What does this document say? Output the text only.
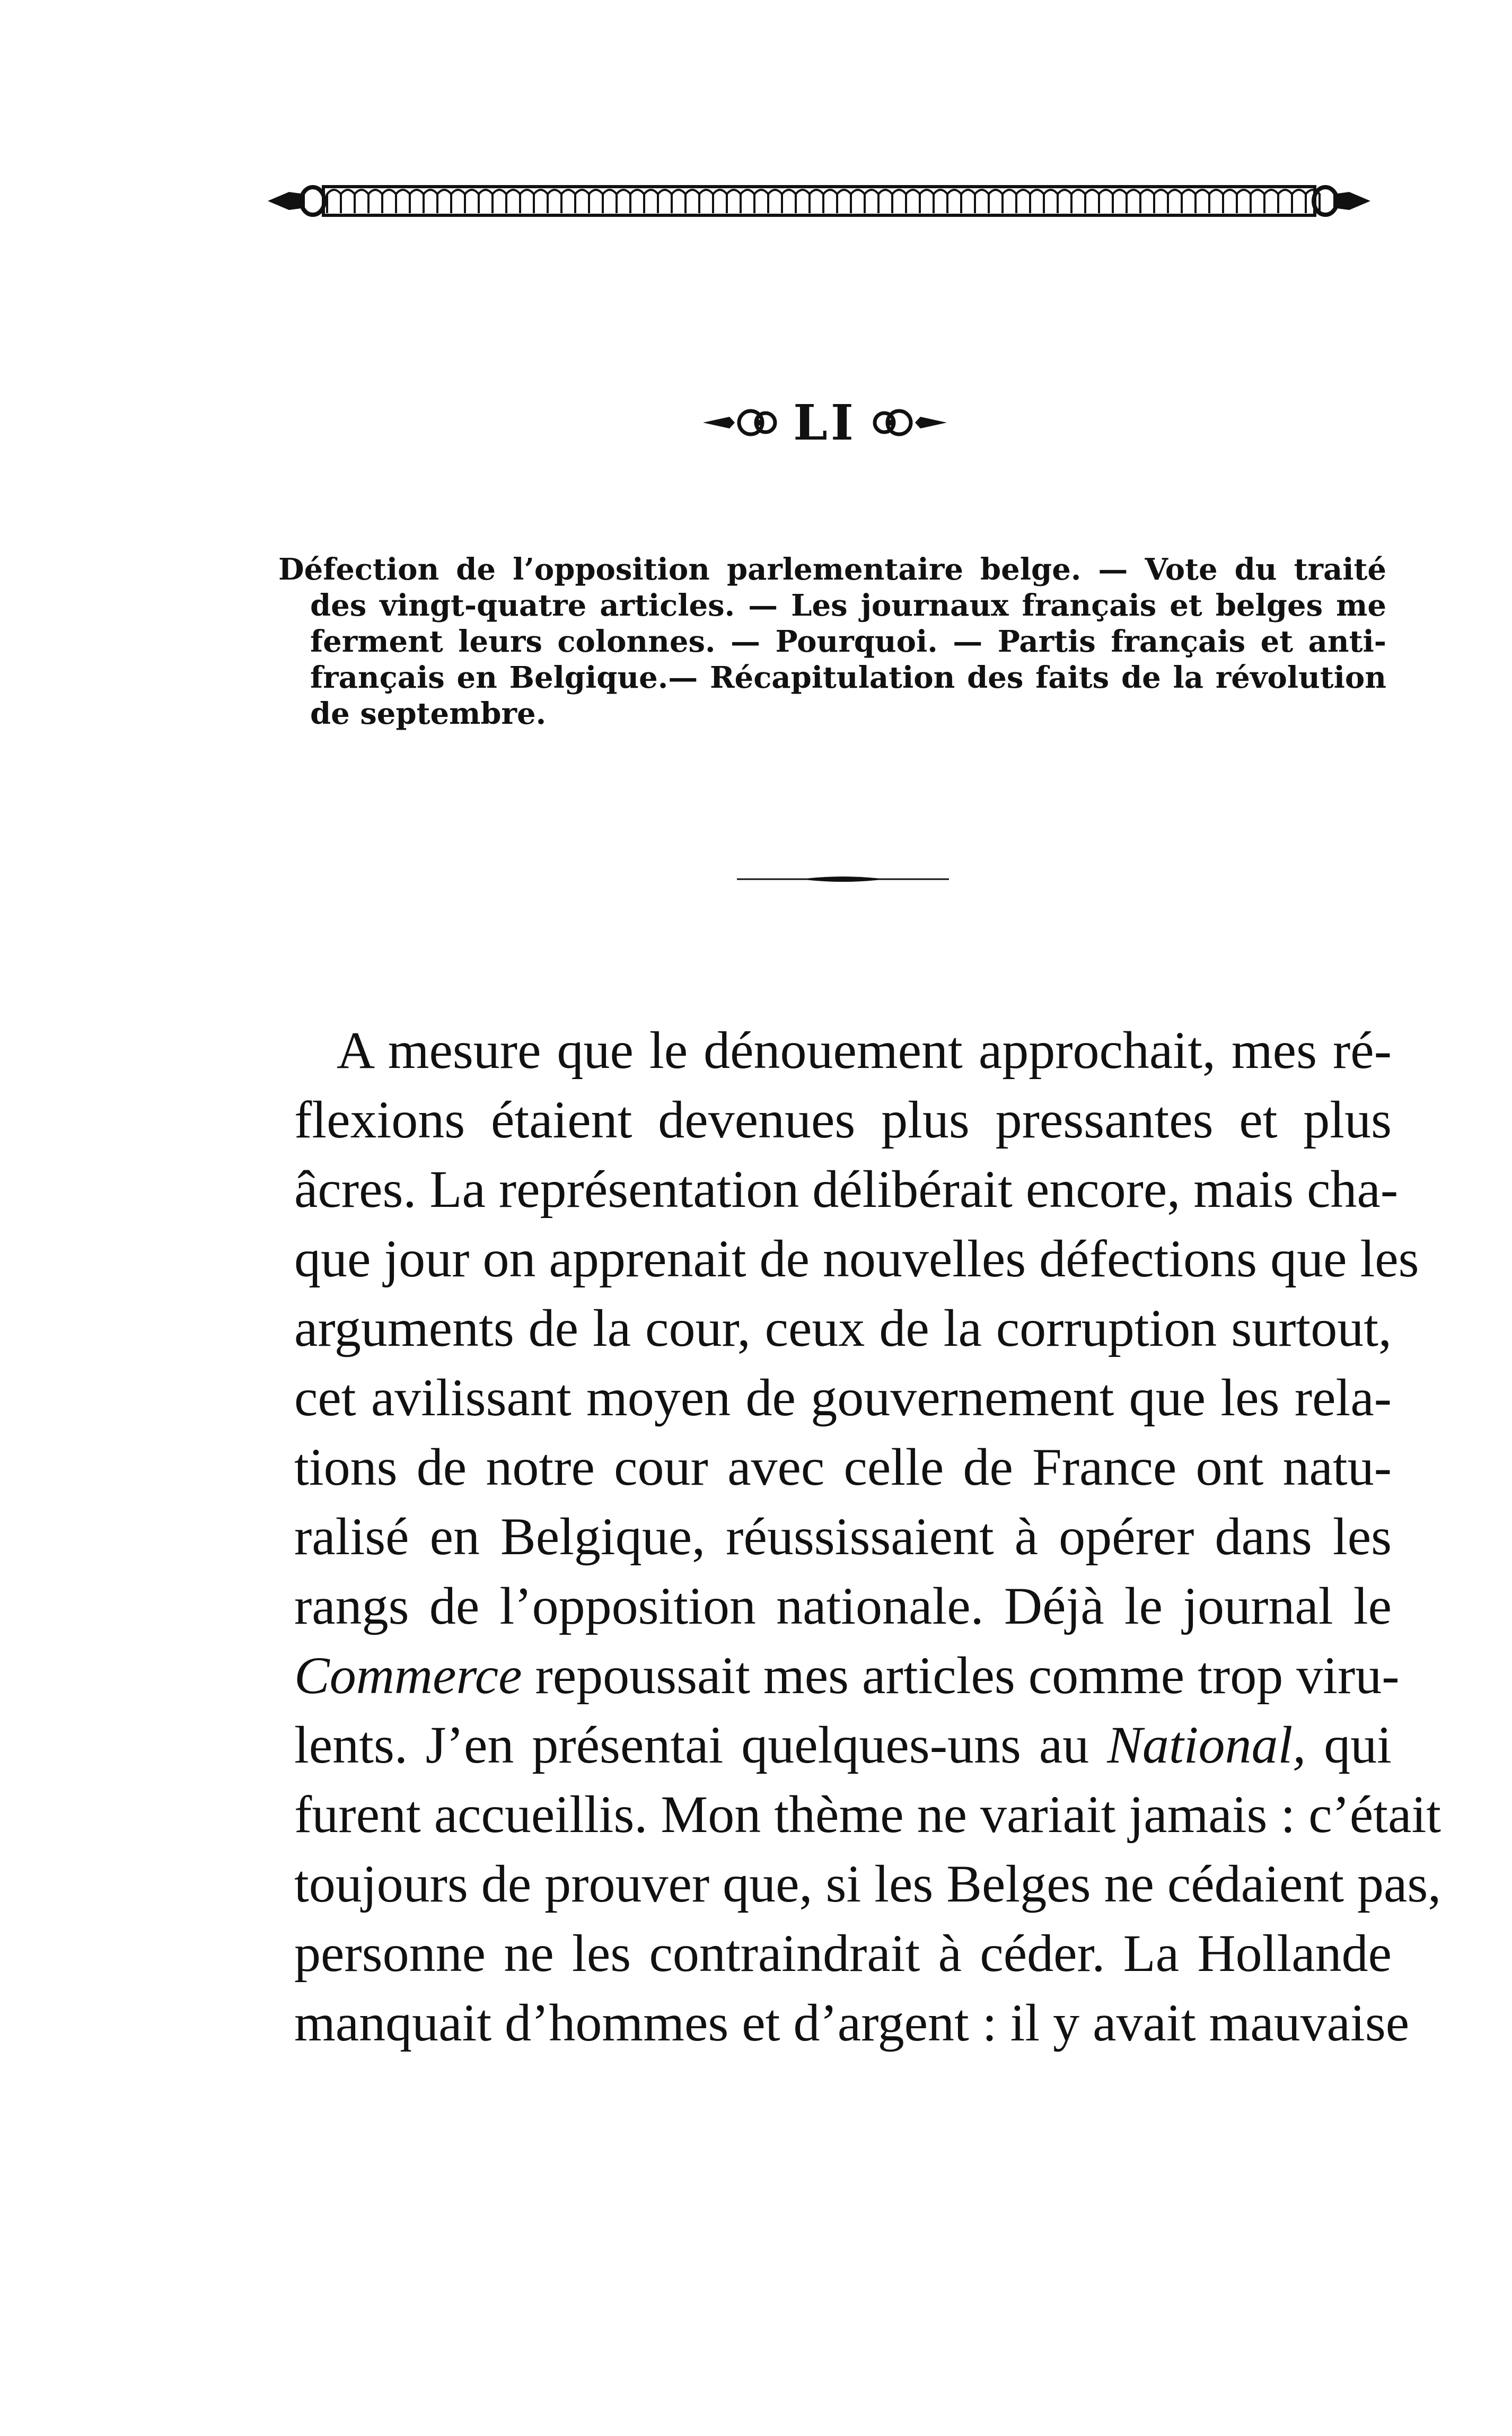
LI
Défection de l’opposition parlementaire belge. — Vote du traité
des vingt-quatre articles. — Les journaux français et belges me
ferment leurs colonnes. — Pourquoi. — Partis français et anti-
français en Belgique.— Récapitulation des faits de la révolution
de septembre.
A mesure que le dénouement approchait, mes ré-
flexions étaient devenues plus pressantes et plus
âcres. La représentation délibérait encore, mais cha-
que jour on apprenait de nouvelles défections que les
arguments de la cour, ceux de la corruption surtout,
cet avilissant moyen de gouvernement que les rela-
tions de notre cour avec celle de France ont natu-
ralisé en Belgique, réussissaient à opérer dans les
rangs de l’opposition nationale. Déjà le journal le
Commerce repoussait mes articles comme trop viru-
lents. J’en présentai quelques-uns au National, qui
furent accueillis. Mon thème ne variait jamais : c’était
toujours de prouver que, si les Belges ne cédaient pas,
personne ne les contraindrait à céder. La Hollande
manquait d’hommes et d’argent : il y avait mauvaise
